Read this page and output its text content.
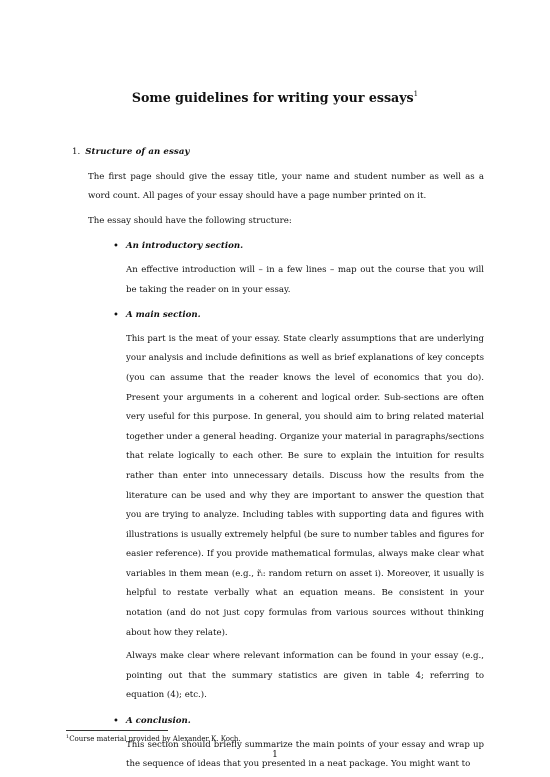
Some guidelines for writing your essays$^1$
1. Structure of an essay

The first page should give the essay title, your name and student number as well as a word count. All pages of your essay should have a page number printed on it.

The essay should have the following structure:

• An introductory section.

An effective introduction will – in a few lines – map out the course that you will be taking the reader on in your essay.

• A main section.

This part is the meat of your essay. State clearly assumptions that are underlying your analysis and include definitions as well as brief explanations of key concepts (you can assume that the reader knows the level of economics that you do). Present your arguments in a coherent and logical order. Sub-sections are often very useful for this purpose. In general, you should aim to bring related material together under a general heading. Organize your material in paragraphs/sections that relate logically to each other. Be sure to explain the intuition for results rather than enter into unnecessary details. Discuss how the results from the literature can be used and why they are important to answer the question that you are trying to analyze. Including tables with supporting data and figures with illustrations is usually extremely helpful (be sure to number tables and figures for easier reference). If you provide mathematical formulas, always make clear what variables in them mean (e.g., r̃ᵢ: random return on asset i). Moreover, it usually is helpful to restate verbally what an equation means. Be consistent in your notation (and do not just copy formulas from various sources without thinking about how they relate).

Always make clear where relevant information can be found in your essay (e.g., pointing out that the summary statistics are given in table 4; referring to equation (4); etc.).

• A conclusion.

This section should briefly summarize the main points of your essay and wrap up the sequence of ideas that you presented in a neat package. You might want to

$^1$Course material provided by Alexander K. Koch.
1
